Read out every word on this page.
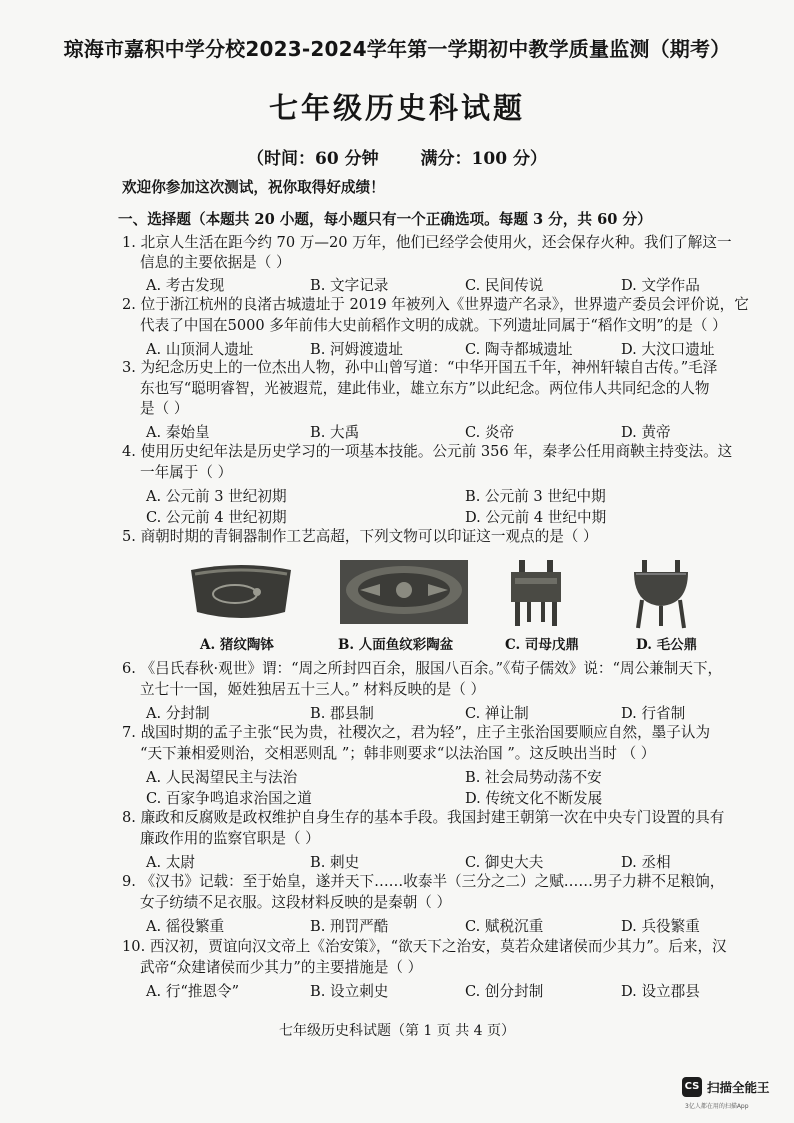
琼海市嘉积中学分校2023-2024学年第一学期初中教学质量监测（期考）
七年级历史科试题
（时间：60 分钟 满分：100 分）
欢迎你参加这次测试，祝你取得好成绩！
一、选择题（本题共 20 小题，每小题只有一个正确选项。每题 3 分，共 60 分）
1. 北京人生活在距今约 70 万—20 万年，他们已经学会使用火，还会保存火种。我们了解这一
信息的主要依据是（ ）
A. 考古发现	B. 文字记录	C. 民间传说	D. 文学作品
2. 位于浙江杭州的良渚古城遗址于 2019 年被列入《世界遗产名录》，世界遗产委员会评价说，它
代表了中国在5000 多年前伟大史前稻作文明的成就。下列遗址同属于“稻作文明”的是（ ）
A. 山顶洞人遗址	B. 河姆渡遗址	C. 陶寺都城遗址	D. 大汶口遗址
3. 为纪念历史上的一位杰出人物，孙中山曾写道：“中华开国五千年，神州轩辕自古传。”毛泽
东也写“聪明睿智，光被遐荒，建此伟业，雄立东方”以此纪念。两位伟人共同纪念的人物
是（ ）
A. 秦始皇	B. 大禹	C. 炎帝	D. 黄帝
4. 使用历史纪年法是历史学习的一项基本技能。公元前 356 年，秦孝公任用商鞅主持变法。这
一年属于（ ）
A. 公元前 3 世纪初期	B. 公元前 3 世纪中期
C. 公元前 4 世纪初期	D. 公元前 4 世纪中期
5. 商朝时期的青铜器制作工艺高超，下列文物可以印证这一观点的是（ ）
A. 猪纹陶钵	B. 人面鱼纹彩陶盆	C. 司母戊鼎	D. 毛公鼎
6. 《吕氏春秋·观世》谓：“周之所封四百余，服国八百余。”《荀子儒效》说：“周公兼制天下，
立七十一国，姬姓独居五十三人。” 材料反映的是（ ）
A. 分封制	B. 郡县制	C. 禅让制	D. 行省制
7. 战国时期的孟子主张“民为贵，社稷次之，君为轻”，庄子主张治国要顺应自然，墨子认为
“天下兼相爱则治，交相恶则乱 ”；韩非则要求“以法治国 ”。这反映出当时 （ ）
A. 人民渴望民主与法治	B. 社会局势动荡不安
C. 百家争鸣追求治国之道	D. 传统文化不断发展
8. 廉政和反腐败是政权维护自身生存的基本手段。我国封建王朝第一次在中央专门设置的具有
廉政作用的监察官职是（ ）
A. 太尉	B. 刺史	C. 御史大夫	D. 丞相
9. 《汉书》记载：至于始皇，遂并天下……收泰半（三分之二）之赋……男子力耕不足粮饷，
女子纺绩不足衣服。这段材料反映的是秦朝（ ）
A. 徭役繁重	B. 刑罚严酷	C. 赋税沉重	D. 兵役繁重
10. 西汉初，贾谊向汉文帝上《治安策》，“欲天下之治安，莫若众建诸侯而少其力”。后来，汉
武帝“众建诸侯而少其力”的主要措施是（ ）
A. 行“推恩令”	B. 设立刺史	C. 创分封制	D. 设立郡县
七年级历史科试题（第 1 页 共 4 页）
CS 扫描全能王
3亿人都在用的扫描App
